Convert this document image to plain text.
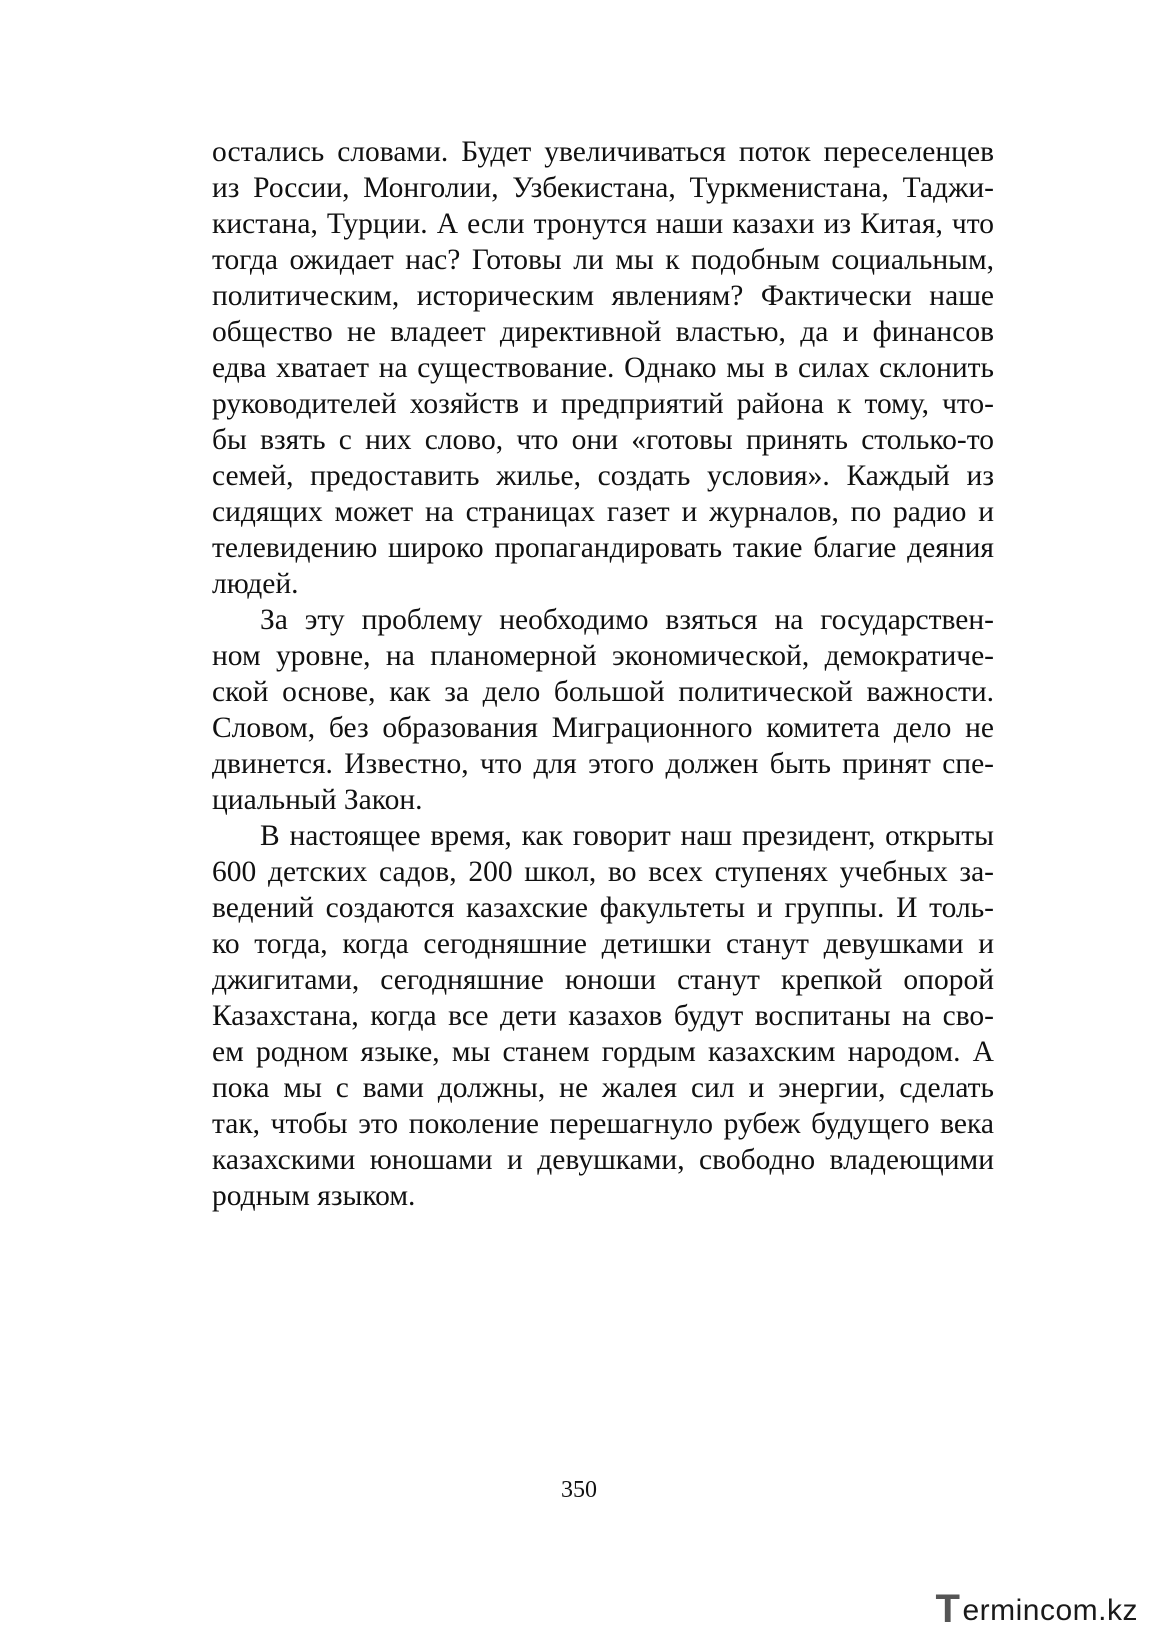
остались словами. Будет увеличиваться поток переселенцев
из России, Монголии, Узбекистана, Туркменистана, Таджи-
кистана, Турции. А если тронутся наши казахи из Китая, что
тогда ожидает нас? Готовы ли мы к подобным социальным,
политическим, историческим явлениям? Фактически наше
общество не владеет директивной властью, да и финансов
едва хватает на существование. Однако мы в силах склонить
руководителей хозяйств и предприятий района к тому, что-
бы взять с них слово, что они «готовы принять столько-то
семей, предоставить жилье, создать условия». Каждый из
сидящих может на страницах газет и журналов, по радио и
телевидению широко пропагандировать такие благие деяния
людей.
За эту проблему необходимо взяться на государствен-
ном уровне, на планомерной экономической, демократиче-
ской основе, как за дело большой политической важности.
Словом, без образования Миграционного комитета дело не
двинется. Известно, что для этого должен быть принят спе-
циальный Закон.
В настоящее время, как говорит наш президент, открыты
600 детских садов, 200 школ, во всех ступенях учебных за-
ведений создаются казахские факультеты и группы. И толь-
ко тогда, когда сегодняшние детишки станут девушками и
джигитами, сегодняшние юноши станут крепкой опорой
Казахстана, когда все дети казахов будут воспитаны на сво-
ем родном языке, мы станем гордым казахским народом. А
пока мы с вами должны, не жалея сил и энергии, сделать
так, чтобы это поколение перешагнуло рубеж будущего века
казахскими юношами и девушками, свободно владеющими
родным языком.
350
T ermincom.kz
